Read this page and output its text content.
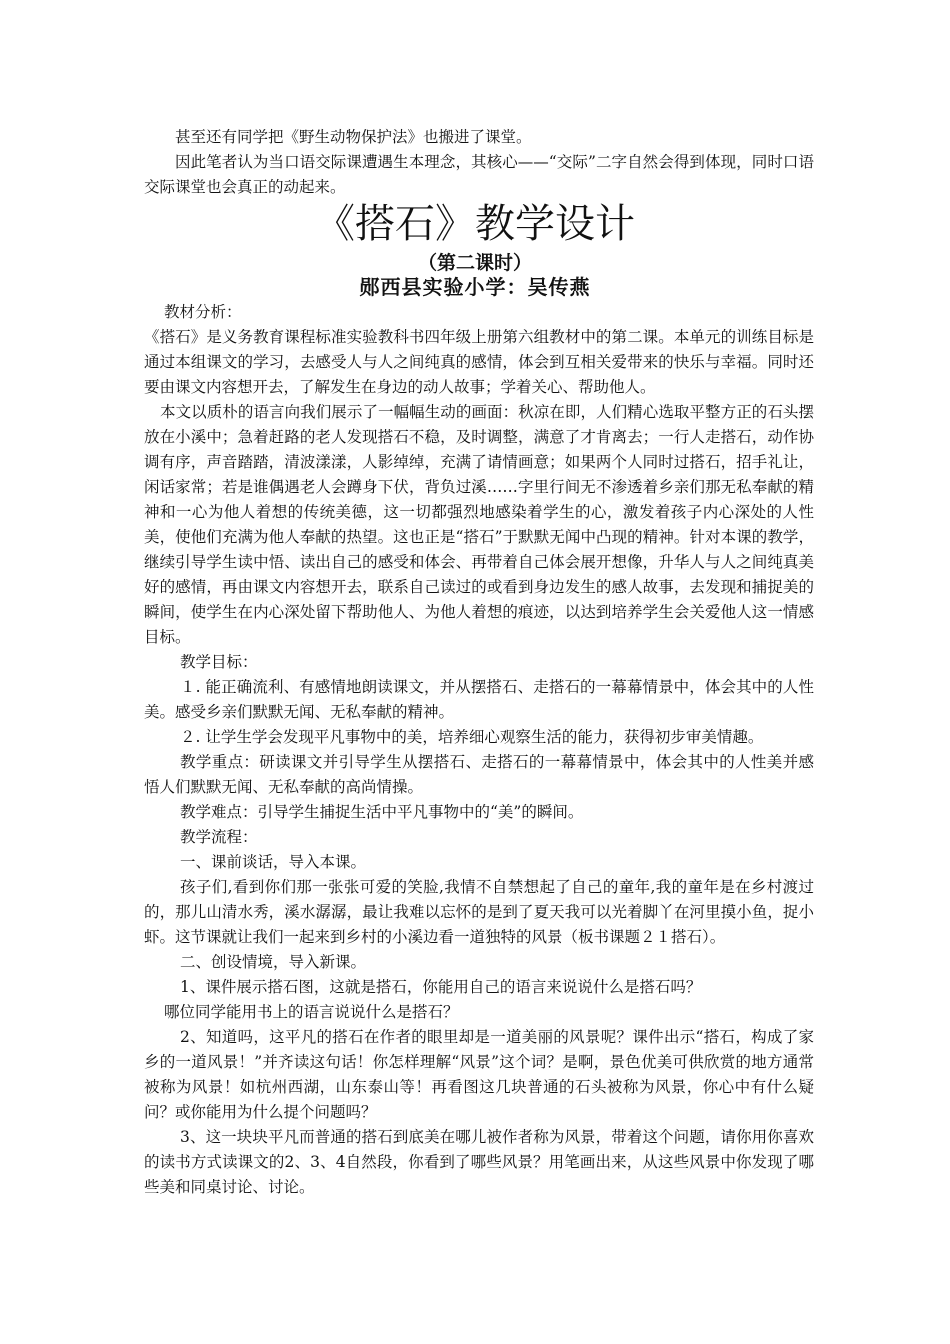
甚至还有同学把《野生动物保护法》也搬进了课堂。

因此笔者认为当口语交际课遭遇生本理念，其核心——“交际”二字自然会得到体现，同时口语交际课堂也会真正的动起来。

《搭石》教学设计
（第二课时）
郧西县实验小学：吴传燕

教材分析：

《搭石》是义务教育课程标准实验教科书四年级上册第六组教材中的第二课。本单元的训练目标是通过本组课文的学习，去感受人与人之间纯真的感情，体会到互相关爱带来的快乐与幸福。同时还要由课文内容想开去，了解发生在身边的动人故事；学着关心、帮助他人。

本文以质朴的语言向我们展示了一幅幅生动的画面：秋凉在即，人们精心选取平整方正的石头摆放在小溪中；急着赶路的老人发现搭石不稳，及时调整，满意了才肯离去；一行人走搭石，动作协调有序，声音踏踏，清波漾漾，人影绰绰，充满了请情画意；如果两个人同时过搭石，招手礼让，闲话家常；若是谁偶遇老人会蹲身下伏，背负过溪……字里行间无不渗透着乡亲们那无私奉献的精神和一心为他人着想的传统美德，这一切都强烈地感染着学生的心，激发着孩子内心深处的人性美，使他们充满为他人奉献的热望。这也正是“搭石”于默默无闻中凸现的精神。针对本课的教学，继续引导学生读中悟、读出自己的感受和体会、再带着自己体会展开想像，升华人与人之间纯真美好的感情，再由课文内容想开去，联系自己读过的或看到身边发生的感人故事，去发现和捕捉美的瞬间，使学生在内心深处留下帮助他人、为他人着想的痕迹，以达到培养学生会关爱他人这一情感目标。

教学目标：

１. 能正确流利、有感情地朗读课文，并从摆搭石、走搭石的一幕幕情景中，体会其中的人性美。感受乡亲们默默无闻、无私奉献的精神。

２. 让学生学会发现平凡事物中的美，培养细心观察生活的能力，获得初步审美情趣。

教学重点：研读课文并引导学生从摆搭石、走搭石的一幕幕情景中，体会其中的人性美并感悟人们默默无闻、无私奉献的高尚情操。

教学难点：引导学生捕捉生活中平凡事物中的“美”的瞬间。

教学流程：

一、课前谈话，导入本课。

孩子们,看到你们那一张张可爱的笑脸,我情不自禁想起了自己的童年,我的童年是在乡村渡过的，那儿山清水秀，溪水潺潺，最让我难以忘怀的是到了夏天我可以光着脚丫在河里摸小鱼，捉小虾。这节课就让我们一起来到乡村的小溪边看一道独特的风景（板书课题２１搭石）。

二、创设情境，导入新课。

1、课件展示搭石图，这就是搭石，你能用自己的语言来说说什么是搭石吗？

哪位同学能用书上的语言说说什么是搭石？

2、知道吗，这平凡的搭石在作者的眼里却是一道美丽的风景呢？课件出示“搭石，构成了家乡的一道风景！”并齐读这句话！你怎样理解“风景”这个词？是啊，景色优美可供欣赏的地方通常被称为风景！如杭州西湖，山东泰山等！再看图这几块普通的石头被称为风景，你心中有什么疑问？或你能用为什么提个问题吗？

3、这一块块平凡而普通的搭石到底美在哪儿被作者称为风景，带着这个问题，请你用你喜欢的读书方式读课文的2、3、4自然段，你看到了哪些风景？用笔画出来，从这些风景中你发现了哪些美和同桌讨论、讨论。
